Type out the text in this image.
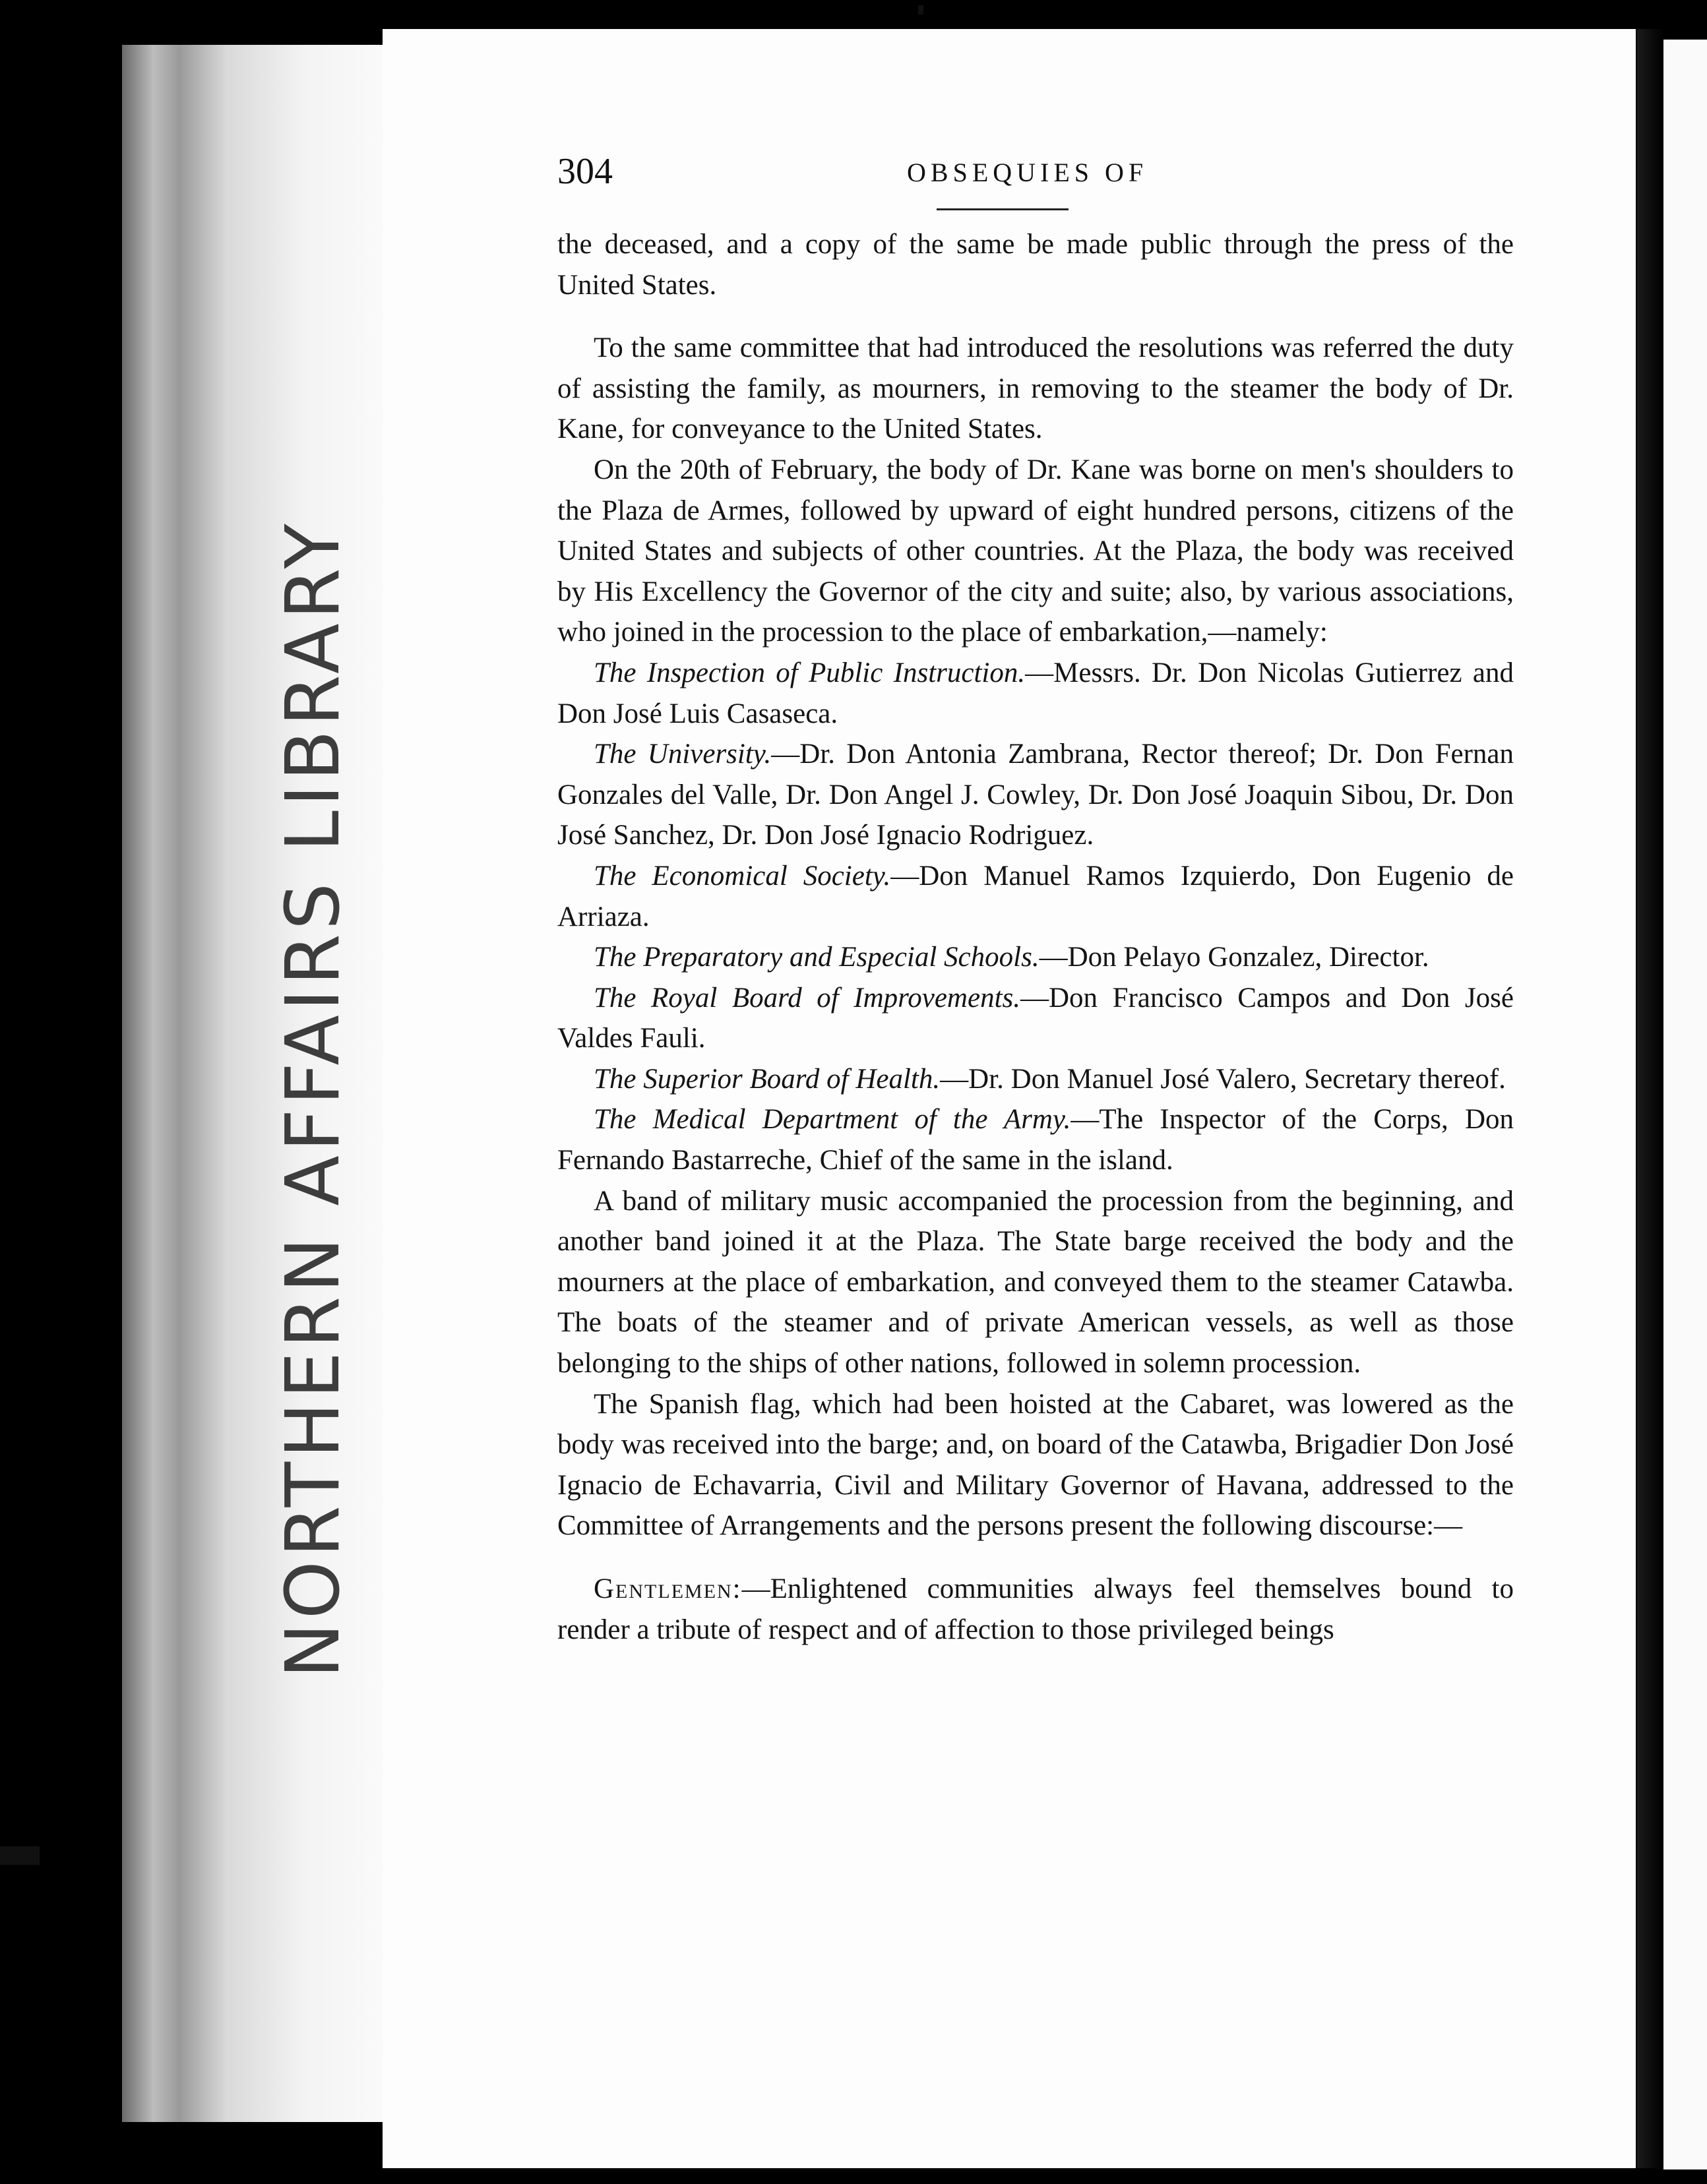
NORTHERN AFFAIRS LIBRARY
304	OBSEQUIES OF

the deceased, and a copy of the same be made public through the press of the United States.

To the same committee that had introduced the resolutions was referred the duty of assisting the family, as mourners, in removing to the steamer the body of Dr. Kane, for conveyance to the United States.

On the 20th of February, the body of Dr. Kane was borne on men's shoulders to the Plaza de Armes, followed by upward of eight hundred persons, citizens of the United States and subjects of other countries. At the Plaza, the body was received by His Excellency the Governor of the city and suite; also, by various associations, who joined in the procession to the place of embarkation,—namely:

The Inspection of Public Instruction.—Messrs. Dr. Don Nicolas Gutierrez and Don José Luis Casaseca.

The University.—Dr. Don Antonia Zambrana, Rector thereof; Dr. Don Fernan Gonzales del Valle, Dr. Don Angel J. Cowley, Dr. Don José Joaquin Sibou, Dr. Don José Sanchez, Dr. Don José Ignacio Rodriguez.

The Economical Society.—Don Manuel Ramos Izquierdo, Don Eugenio de Arriaza.

The Preparatory and Especial Schools.—Don Pelayo Gonzalez, Director.

The Royal Board of Improvements.—Don Francisco Campos and Don José Valdes Fauli.

The Superior Board of Health.—Dr. Don Manuel José Valero, Secretary thereof.

The Medical Department of the Army.—The Inspector of the Corps, Don Fernando Bastarreche, Chief of the same in the island.

A band of military music accompanied the procession from the beginning, and another band joined it at the Plaza. The State barge received the body and the mourners at the place of embarkation, and conveyed them to the steamer Catawba. The boats of the steamer and of private American vessels, as well as those belonging to the ships of other nations, followed in solemn procession.

The Spanish flag, which had been hoisted at the Cabaret, was lowered as the body was received into the barge; and, on board of the Catawba, Brigadier Don José Ignacio de Echavarria, Civil and Military Governor of Havana, addressed to the Committee of Arrangements and the persons present the following discourse:—

Gentlemen:—Enlightened communities always feel themselves bound to render a tribute of respect and of affection to those privileged beings
